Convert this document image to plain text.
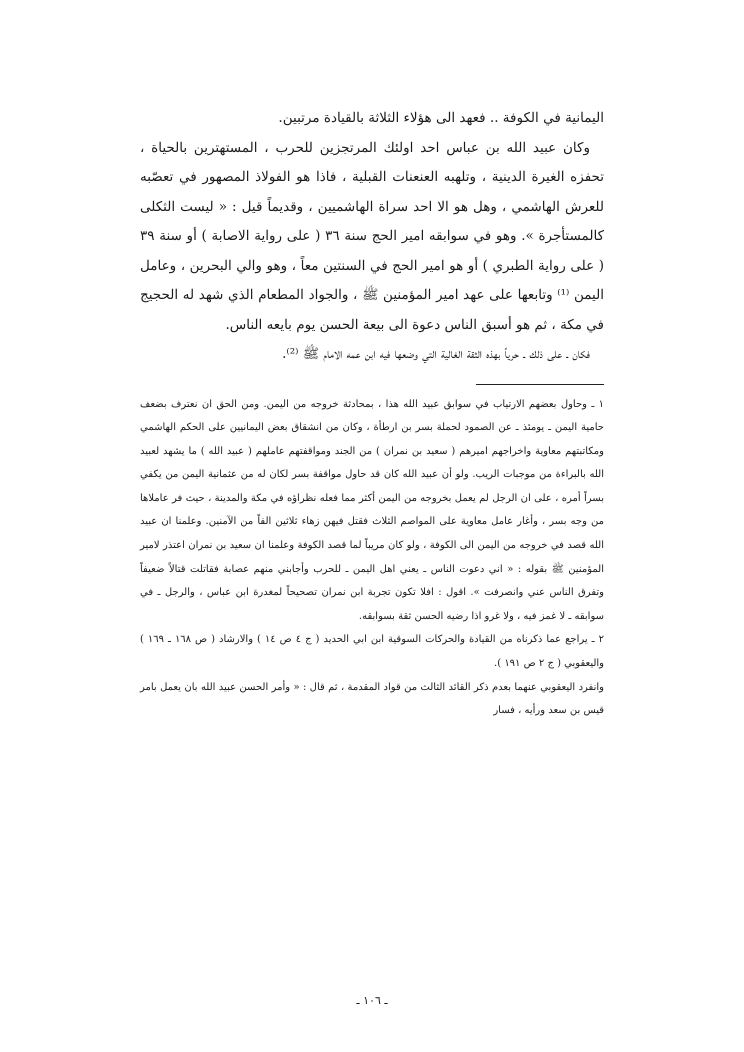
اليمانية في الكوفة .. فعهد الى هؤلاء الثلاثة بالقيادة مرتبين.

وكان عبيد الله بن عباس احد اولئك المرتجزين للحرب ، المستهترين بالحياة ، تحفزه الغيرة الدينية ، وتلهبه العنعنات القبلية ، فاذا هو الفولاذ المصهور في تعصّبه للعرش الهاشمي ، وهل هو الا احد سراة الهاشميين ، وقديماً قيل : « ليست الثكلى كالمستأجرة ». وهو في سوابقه امير الحج سنة ٣٦ ( على رواية الاصابة ) أو سنة ٣٩ ( على رواية الطبري ) أو هو امير الحج في السنتين معاً ، وهو والي البحرين ، وعامل اليمن ⁽¹⁾ وتابعها على عهد امير المؤمنين ﷺ ، والجواد المطعام الذي شهد له الحجيج في مكة ، ثم هو أسبق الناس دعوة الى بيعة الحسن يوم بايعه الناس.

فكان ـ على ذلك ـ حرياً بهذه الثقة الغالية التي وضعها فيه ابن عمه الامام ﷺ ⁽²⁾.

١ ـ وحاول بعضهم الارتياب في سوابق عبيد الله هذا ، بمحادثة خروجه من اليمن. ومن الحق ان نعترف بضعف حامية اليمن ـ يومئذ ـ عن الصمود لحملة بسر بن ارطأة ، وكان من انشقاق بعض اليمانيين على الحكم الهاشمي ومكاتبتهم معاوية واخراجهم اميرهم ( سعيد بن نمران ) من الجند ومواقفتهم عاملهم ( عبيد الله ) ما يشهد لعبيد الله بالبراءة من موجبات الريب. ولو أن عبيد الله كان قد حاول مواقفة بسر لكان له من عثمانية اليمن من يكفي بسراً أمره ، على ان الرجل لم يعمل بخروجه من اليمن أكثر مما فعله نظراؤه في مكة والمدينة ، حيث فر عاملاها من وجه بسر ، وأغار عامل معاوية على المواصم الثلاث فقتل فيهن زهاء ثلاثين الفاً من الآمنين. وعلمنا ان عبيد الله قصد في خروجه من اليمن الى الكوفة ، ولو كان مريباً لما قصد الكوفة وعلمنا ان سعيد بن نمران اعتذر لامير المؤمنين ﷺ بقوله : « اني دعوت الناس ـ يعني اهل اليمن ـ للحرب وأجابني منهم عصابة فقاتلت قتالاً ضعيفاً وتفرق الناس عني وانصرفت ». اقول : افلا تكون تجربة ابن نمران تصحيحاً لمغدرة ابن عباس ، والرجل ـ في سوابقه ـ لا غمز فيه ، ولا غرو اذا رضيه الحسن ثقة بسوابقه.

٢ ـ يراجع عما ذكرناه من القيادة والحركات السوقية ابن ابي الحديد ( ج ٤ ص ١٤ ) والارشاد ( ص ١٦٨ ـ ١٦٩ ) واليعقوبي ( ج ٢ ص ١٩١ ).

وانفرد اليعقوبي عنهما بعدم ذكر القائد الثالث من قواد المقدمة ، ثم قال : « وأمر الحسن عبيد الله بان يعمل بامر قيس بن سعد ورأيه ، فسار

ـ ١٠٦ ـ
